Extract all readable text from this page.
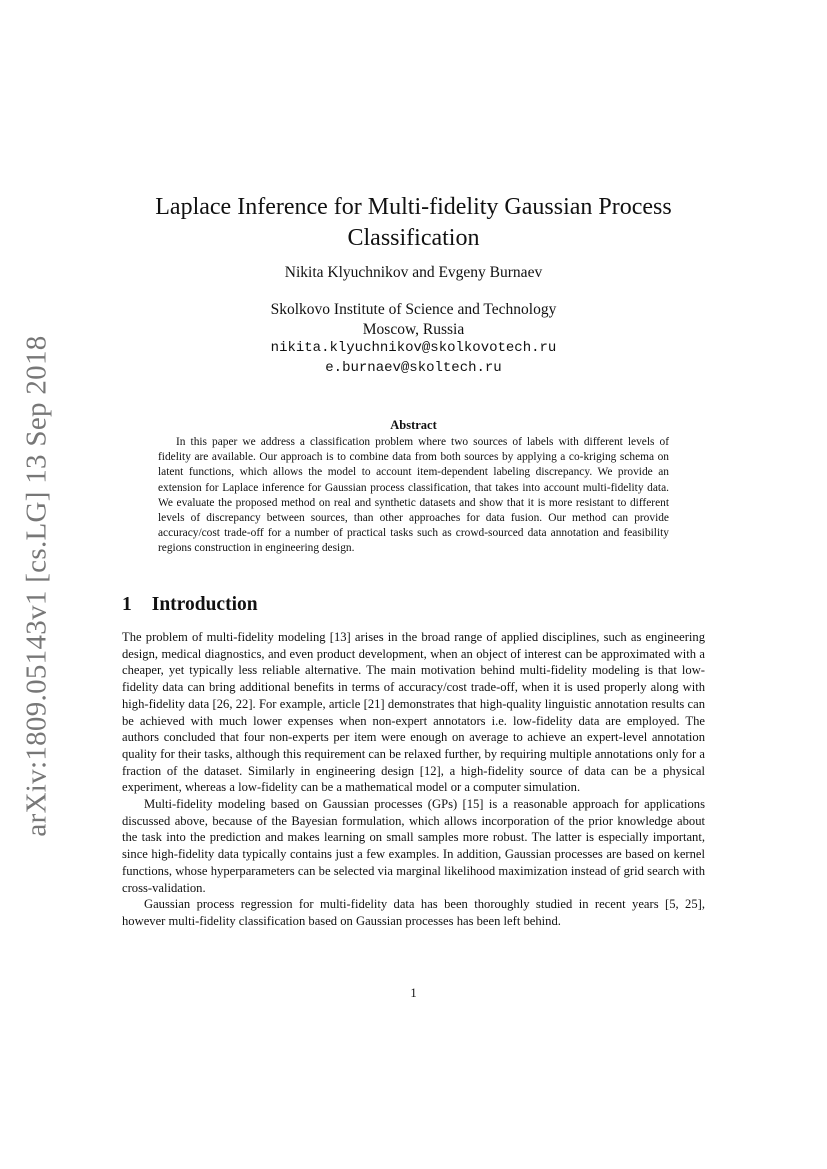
arXiv:1809.05143v1 [cs.LG] 13 Sep 2018
Laplace Inference for Multi-fidelity Gaussian Process
Classification
Nikita Klyuchnikov and Evgeny Burnaev
Skolkovo Institute of Science and Technology
Moscow, Russia
nikita.klyuchnikov@skolkovotech.ru
e.burnaev@skoltech.ru
Abstract

In this paper we address a classification problem where two sources of labels with different levels of fidelity are available. Our approach is to combine data from both sources by applying a co-kriging schema on latent functions, which allows the model to account item-dependent labeling discrepancy. We provide an extension for Laplace inference for Gaussian process classification, that takes into account multi-fidelity data. We evaluate the proposed method on real and synthetic datasets and show that it is more resistant to different levels of discrepancy between sources, than other approaches for data fusion. Our method can provide accuracy/cost trade-off for a number of practical tasks such as crowd-sourced data annotation and feasibility regions construction in engineering design.

1 Introduction

The problem of multi-fidelity modeling [13] arises in the broad range of applied disciplines, such as engineering design, medical diagnostics, and even product development, when an object of interest can be approximated with a cheaper, yet typically less reliable alternative. The main motivation behind multi-fidelity modeling is that low-fidelity data can bring additional benefits in terms of accuracy/cost trade-off, when it is used properly along with high-fidelity data [26, 22]. For example, article [21] demonstrates that high-quality linguistic annotation results can be achieved with much lower expenses when non-expert annotators i.e. low-fidelity data are employed. The authors concluded that four non-experts per item were enough on average to achieve an expert-level annotation quality for their tasks, although this requirement can be relaxed further, by requiring multiple annotations only for a fraction of the dataset. Similarly in engineering design [12], a high-fidelity source of data can be a physical experiment, whereas a low-fidelity can be a mathematical model or a computer simulation.

Multi-fidelity modeling based on Gaussian processes (GPs) [15] is a reasonable approach for applications discussed above, because of the Bayesian formulation, which allows incorporation of the prior knowledge about the task into the prediction and makes learning on small samples more robust. The latter is especially important, since high-fidelity data typically contains just a few examples. In addition, Gaussian processes are based on kernel functions, whose hyperparameters can be selected via marginal likelihood maximization instead of grid search with cross-validation.

Gaussian process regression for multi-fidelity data has been thoroughly studied in recent years [5, 25], however multi-fidelity classification based on Gaussian processes has been left behind.

1
